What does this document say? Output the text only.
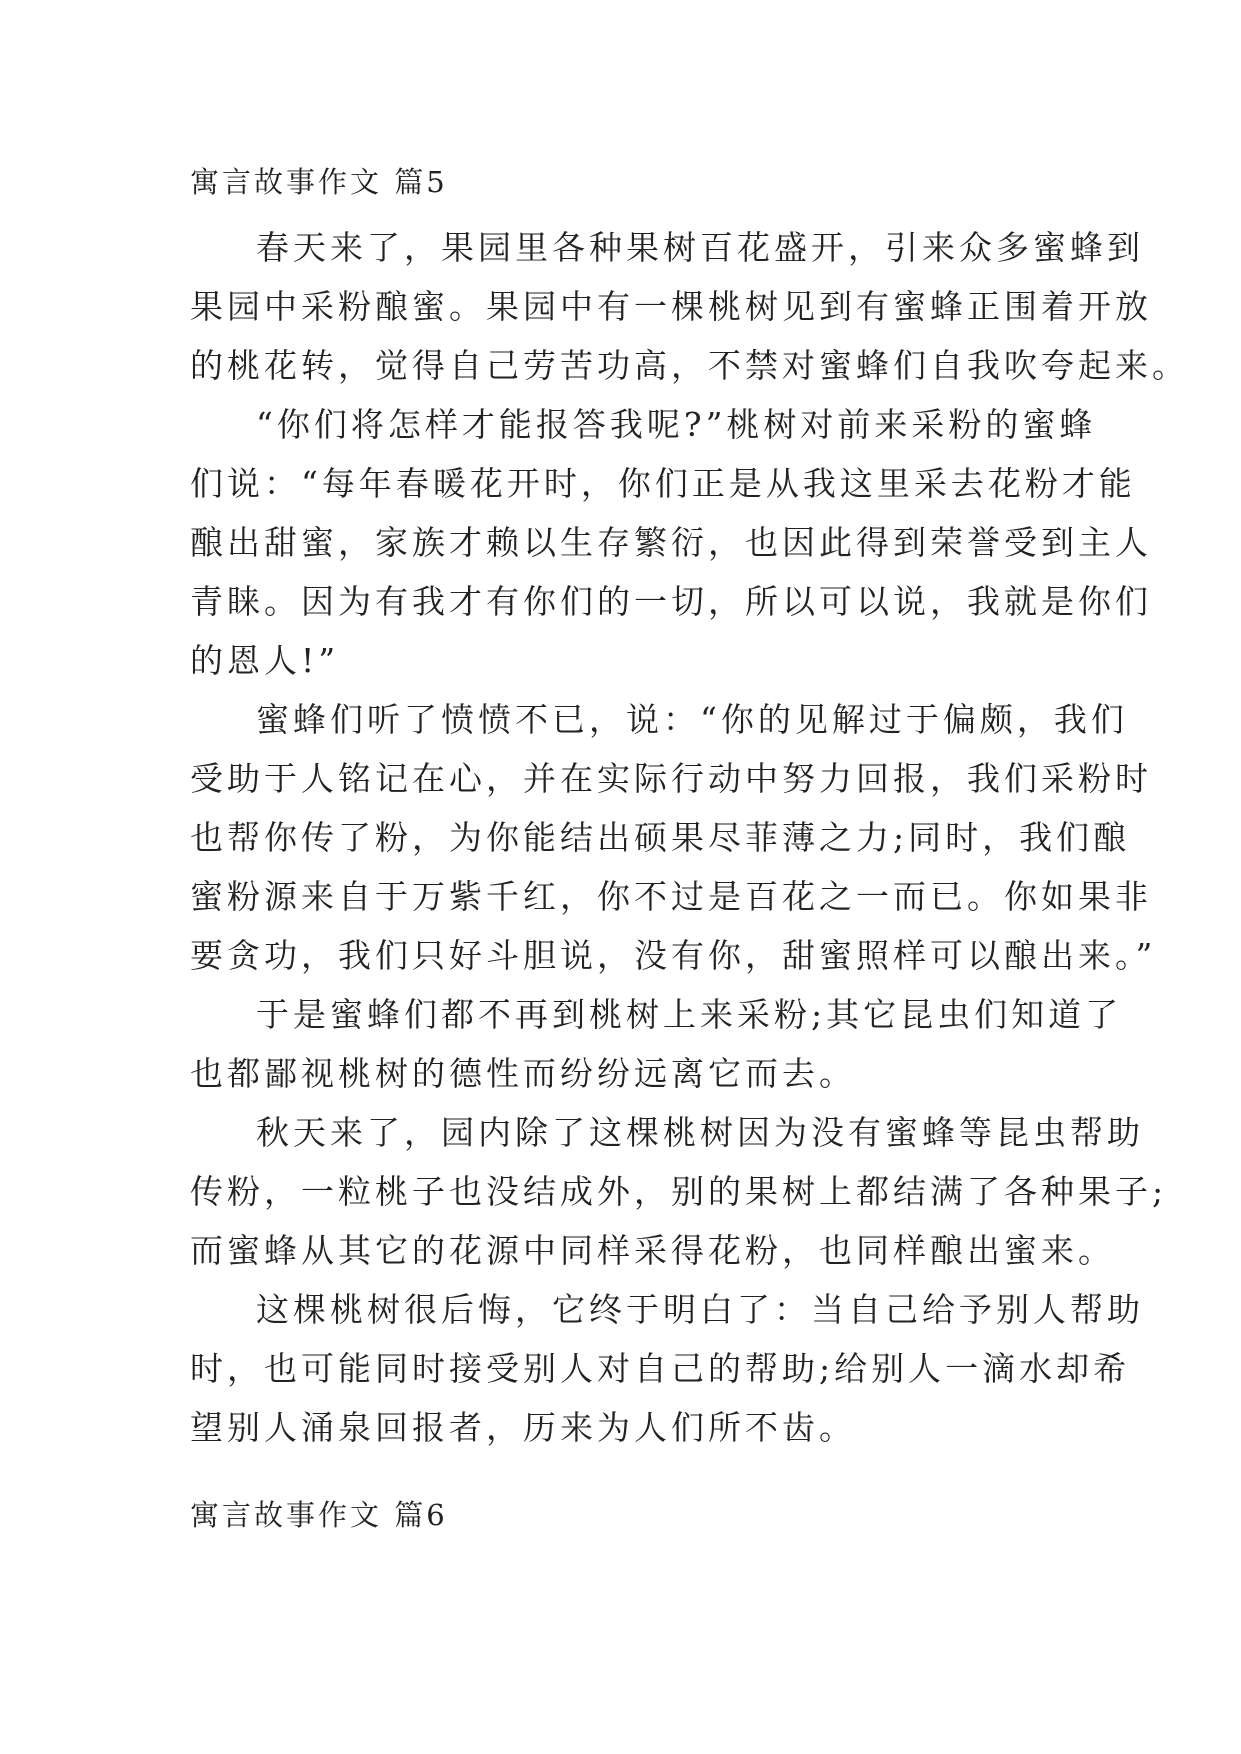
寓言故事作文 篇5
春天来了，果园里各种果树百花盛开，引来众多蜜蜂到
果园中采粉酿蜜。果园中有一棵桃树见到有蜜蜂正围着开放
的桃花转，觉得自己劳苦功高，不禁对蜜蜂们自我吹夸起来。
“你们将怎样才能报答我呢?”桃树对前来采粉的蜜蜂
们说：“每年春暖花开时，你们正是从我这里采去花粉才能
酿出甜蜜，家族才赖以生存繁衍，也因此得到荣誉受到主人
青睐。因为有我才有你们的一切，所以可以说，我就是你们
的恩人!”
蜜蜂们听了愤愤不已，说：“你的见解过于偏颇，我们
受助于人铭记在心，并在实际行动中努力回报，我们采粉时
也帮你传了粉，为你能结出硕果尽菲薄之力;同时，我们酿
蜜粉源来自于万紫千红，你不过是百花之一而已。你如果非
要贪功，我们只好斗胆说，没有你，甜蜜照样可以酿出来。”
于是蜜蜂们都不再到桃树上来采粉;其它昆虫们知道了
也都鄙视桃树的德性而纷纷远离它而去。
秋天来了，园内除了这棵桃树因为没有蜜蜂等昆虫帮助
传粉，一粒桃子也没结成外，别的果树上都结满了各种果子;
而蜜蜂从其它的花源中同样采得花粉，也同样酿出蜜来。
这棵桃树很后悔，它终于明白了：当自己给予别人帮助
时，也可能同时接受别人对自己的帮助;给别人一滴水却希
望别人涌泉回报者，历来为人们所不齿。
寓言故事作文 篇6
